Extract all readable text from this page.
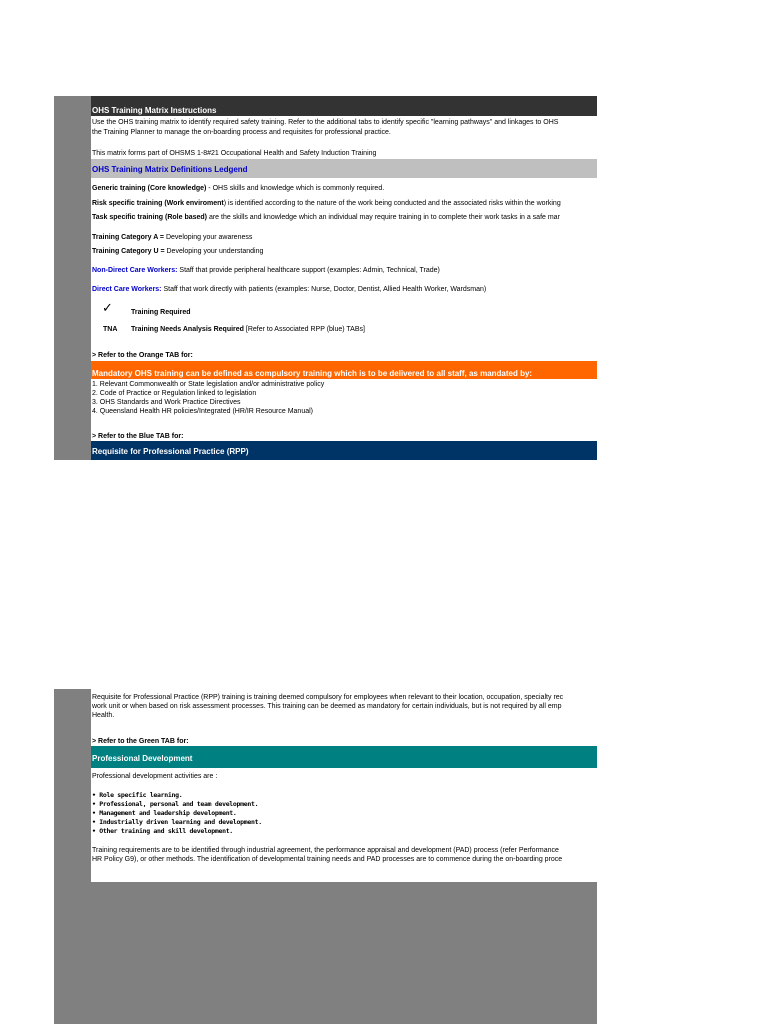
OHS Training Matrix Instructions
Use the OHS training matrix to identify required safety training. Refer to the additional tabs to identify specific "learning pathways" and linkages to OHS
the Training Planner to manage the on-boarding process and requisites for professional practice.
This matrix forms part of OHSMS 1-8#21 Occupational Health and Safety Induction Training
OHS Training Matrix Definitions Ledgend
Generic training (Core knowledge) - OHS skills and knowledge which is commonly required.
Risk specific training (Work enviroment) is identified according to the nature of the work being conducted and the associated risks within the working
Task specific training (Role based) are the skills and knowledge which an individual may require training in to complete their work tasks in a safe mar
Training Category A = Developing your awareness
Training Category U = Developing your understanding
Non-Direct Care Workers: Staff that provide peripheral healthcare support (examples: Admin, Technical, Trade)
Direct Care Workers: Staff that work directly with patients (examples: Nurse, Doctor, Dentist, Allied Health Worker, Wardsman)
✓	Training Required
TNA Training Needs Analysis Required [Refer to Associated RPP (blue) TABs]
> Refer to the Orange TAB for:
Mandatory OHS training can be defined as compulsory training which is to be delivered to all staff, as mandated by:
1. Relevant Commonwealth or State legislation and/or administrative policy
2. Code of Practice or Regulation linked to legislation
3. OHS Standards and Work Practice Directives
4. Queensland Health HR policies/Integrated (HR/IR Resource Manual)
> Refer to the Blue TAB for:
Requisite for Professional Practice (RPP)
Requisite for Professional Practice (RPP) training is training deemed compulsory for employees when relevant to their location, occupation, specialty rec
work unit or when based on risk assessment processes. This training can be deemed as mandatory for certain individuals, but is not required by all emp
Health.
> Refer to the Green TAB for:
Professional Development
Professional development activities are :
• Role specific learning.
• Professional, personal and team development.
• Management and leadership development.
• Industrially driven learning and development.
• Other training and skill development.
Training requirements are to be identified through industrial agreement, the performance appraisal and development (PAD) process (refer Performance
HR Policy G9), or other methods. The identification of developmental training needs and PAD processes are to commence during the on-boarding proce
